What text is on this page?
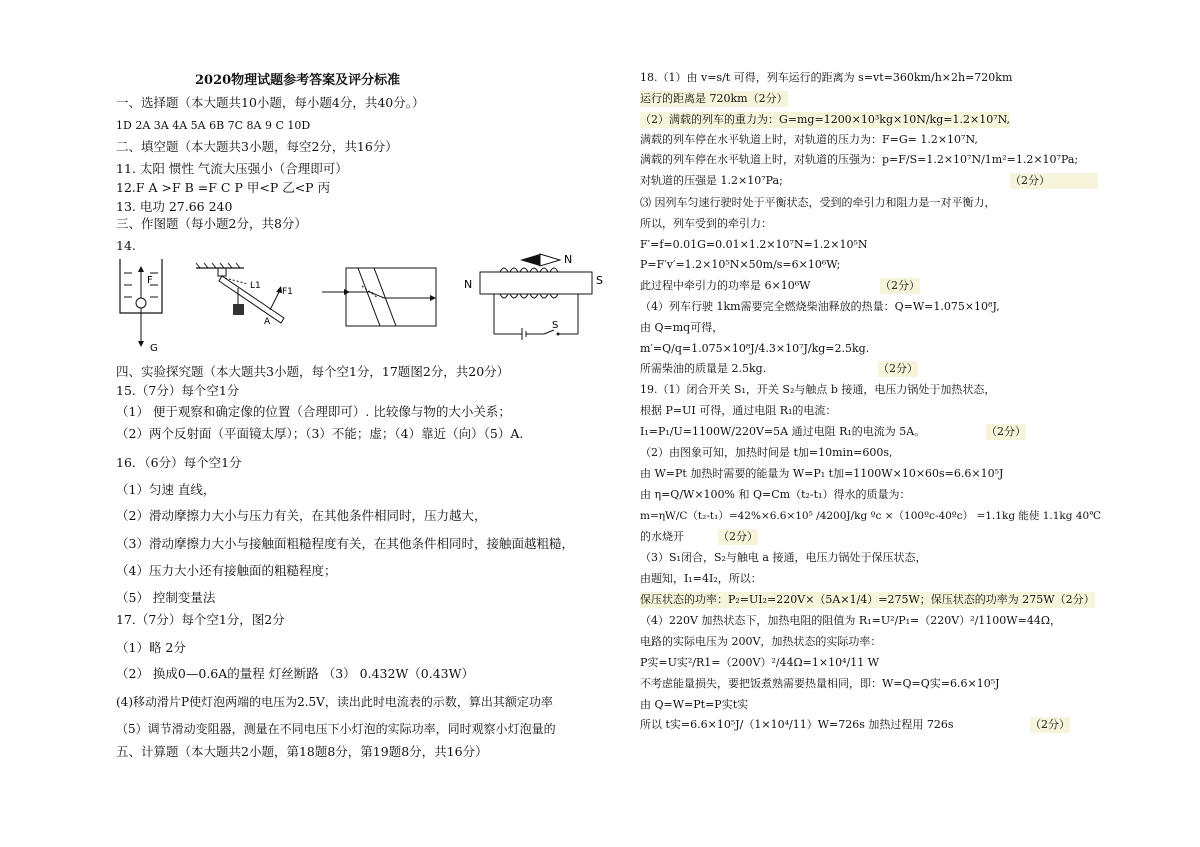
2020物理试题参考答案及评分标准
一、选择题（本大题共10小题，每小题4分，共40分。）
1D 2A 3A 4A 5A 6B 7C 8A 9 C 10D
二、填空题（本大题共3小题，每空2分，共16分）
11. 太阳 惯性 气流大压强小（合理即可）
12.F A >F B =F C P 甲<P 乙<P 丙
13. 电功 27.66 240
三、作图题（每小题2分，共8分）
14.
F
G
L1
F1
A
N
N	S
S
四、实验探究题（本大题共3小题，每个空1分，17题图2分，共20分）
15.（7分）每个空1分
（1） 便于观察和确定像的位置（合理即可）. 比较像与物的大小关系；
（2）两个反射面（平面镜太厚）；（3）不能；虚；（4）靠近（向）（5）A.
16．（6分）每个空1分
（1）匀速 直线，
（2）滑动摩擦力大小与压力有关，在其他条件相同时，压力越大，
（3）滑动摩擦力大小与接触面粗糙程度有关，在其他条件相同时，接触面越粗糙，
（4）压力大小还有接触面的粗糙程度；
（5） 控制变量法
17.（7分）每个空1分，图2分
（1）略 2分
（2） 换成0—0.6A的量程 灯丝断路 （3） 0.432W（0.43W）
(4)移动滑片P使灯泡两端的电压为2.5V，读出此时电流表的示数，算出其额定功率
（5）调节滑动变阻器，测量在不同电压下小灯泡的实际功率，同时观察小灯泡量的
五、计算题（本大题共2小题，第18题8分，第19题8分，共16分）
18.（1）由 v=s/t 可得，列车运行的距离为 s=vt=360km/h×2h=720km
运行的距离是 720km（2分）
（2）满载的列车的重力为：G=mg=1200×10³kg×10N/kg=1.2×10⁷N,
满载的列车停在水平轨道上时，对轨道的压力为：F=G= 1.2×10⁷N,
满载的列车停在水平轨道上时，对轨道的压强为：p=F/S=1.2×10⁷N/1m²=1.2×10⁷Pa;
对轨道的压强是 1.2×10⁷Pa;	（2分）
⑶ 因列车匀速行驶时处于平衡状态，受到的牵引力和阻力是一对平衡力，
所以，列车受到的牵引力：
F′=f=0.01G=0.01×1.2×10⁷N=1.2×10⁵N
P=F′v′=1.2×10⁵N×50m/s=6×10⁶W;
此过程中牵引力的功率是 6×10⁶W	（2分）
（4）列车行驶 1km需要完全燃烧柴油释放的热量：Q=W=1.075×10⁸J,
由 Q=mq可得，
m′=Q/q=1.075×10⁸J/4.3×10⁷J/kg=2.5kg.
所需柴油的质量是 2.5kg.	（2分）
19.（1）闭合开关 S₁，开关 S₂与触点 b 接通，电压力锅处于加热状态，
根据 P=UI 可得，通过电阻 R₁的电流：
I₁=P₁/U=1100W/220V=5A 通过电阻 R₁的电流为 5A。	（2分）
（2）由图象可知，加热时间是 t加=10min=600s,
由 W=Pt 加热时需要的能量为 W=P₁ t加=1100W×10×60s=6.6×10⁵J
由 η=Q/W×100% 和 Q=Cm（t₂-t₁）得水的质量为：
m=ηW/C（t₂-t₁）=42%×6.6×10⁵ /4200J/kg ºc ×（100ºc-40ºc） =1.1kg 能使 1.1kg 40℃
的水烧开	（2分）
（3）S₁闭合，S₂与触电 a 接通，电压力锅处于保压状态，
由题知，I₁=4I₂，所以：
保压状态的功率：P₂=UI₂=220V×（5A×1/4）=275W；保压状态的功率为 275W（2分）
（4）220V 加热状态下，加热电阻的阻值为 R₁=U²/P₁=（220V）²/1100W=44Ω，
电路的实际电压为 200V，加热状态的实际功率：
P实=U实²/R1=（200V）²/44Ω=1×10⁴/11 W
不考虑能量损失，要把饭煮熟需要热量相同，即：W=Q=Q实=6.6×10⁵J
由 Q=W=Pt=P实t实
所以 t实=6.6×10⁵J/（1×10⁴/11）W=726s 加热过程用 726s	（2分）
